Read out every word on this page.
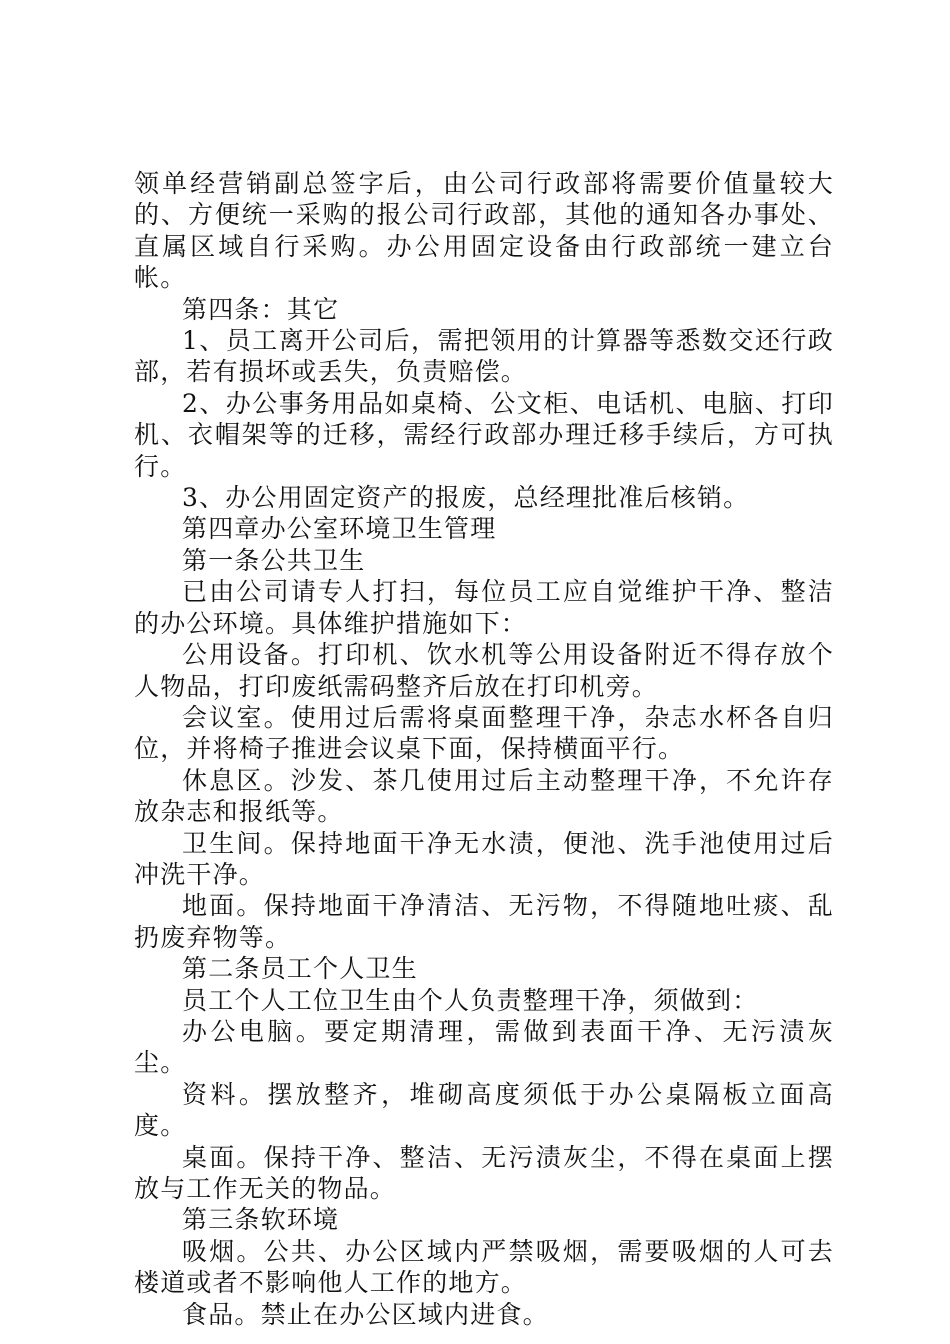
领单经营销副总签字后，由公司行政部将需要价值量较大的、方便统一采购的报公司行政部，其他的通知各办事处、直属区域自行采购。办公用固定设备由行政部统一建立台帐。

第四条：其它

1、员工离开公司后，需把领用的计算器等悉数交还行政部，若有损坏或丢失，负责赔偿。

2、办公事务用品如桌椅、公文柜、电话机、电脑、打印机、衣帽架等的迁移，需经行政部办理迁移手续后，方可执行。

3、办公用固定资产的报废，总经理批准后核销。

第四章办公室环境卫生管理

第一条公共卫生

已由公司请专人打扫，每位员工应自觉维护干净、整洁的办公环境。具体维护措施如下：

公用设备。打印机、饮水机等公用设备附近不得存放个人物品，打印废纸需码整齐后放在打印机旁。

会议室。使用过后需将桌面整理干净，杂志水杯各自归位，并将椅子推进会议桌下面，保持横面平行。

休息区。沙发、茶几使用过后主动整理干净，不允许存放杂志和报纸等。

卫生间。保持地面干净无水渍，便池、洗手池使用过后冲洗干净。

地面。保持地面干净清洁、无污物，不得随地吐痰、乱扔废弃物等。

第二条员工个人卫生

员工个人工位卫生由个人负责整理干净，须做到：

办公电脑。要定期清理，需做到表面干净、无污渍灰尘。

资料。摆放整齐，堆砌高度须低于办公桌隔板立面高度。

桌面。保持干净、整洁、无污渍灰尘，不得在桌面上摆放与工作无关的物品。

第三条软环境

吸烟。公共、办公区域内严禁吸烟，需要吸烟的人可去楼道或者不影响他人工作的地方。

食品。禁止在办公区域内进食。
